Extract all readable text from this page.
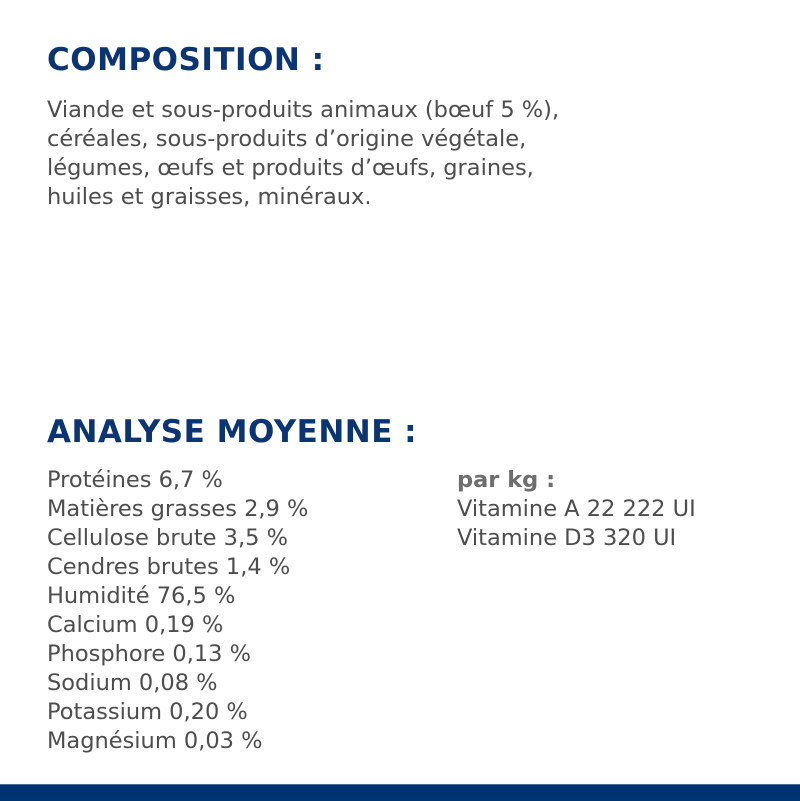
COMPOSITION :
Viande et sous-produits animaux (bœuf 5 %),
céréales, sous-produits d’origine végétale,
légumes, œufs et produits d’œufs, graines,
huiles et graisses, minéraux.
ANALYSE MOYENNE :
Protéines 6,7 %
Matières grasses 2,9 %
Cellulose brute 3,5 %
Cendres brutes 1,4 %
Humidité 76,5 %
Calcium 0,19 %
Phosphore 0,13 %
Sodium 0,08 %
Potassium 0,20 %
Magnésium 0,03 %
par kg :
Vitamine A 22 222 UI
Vitamine D3 320 UI
